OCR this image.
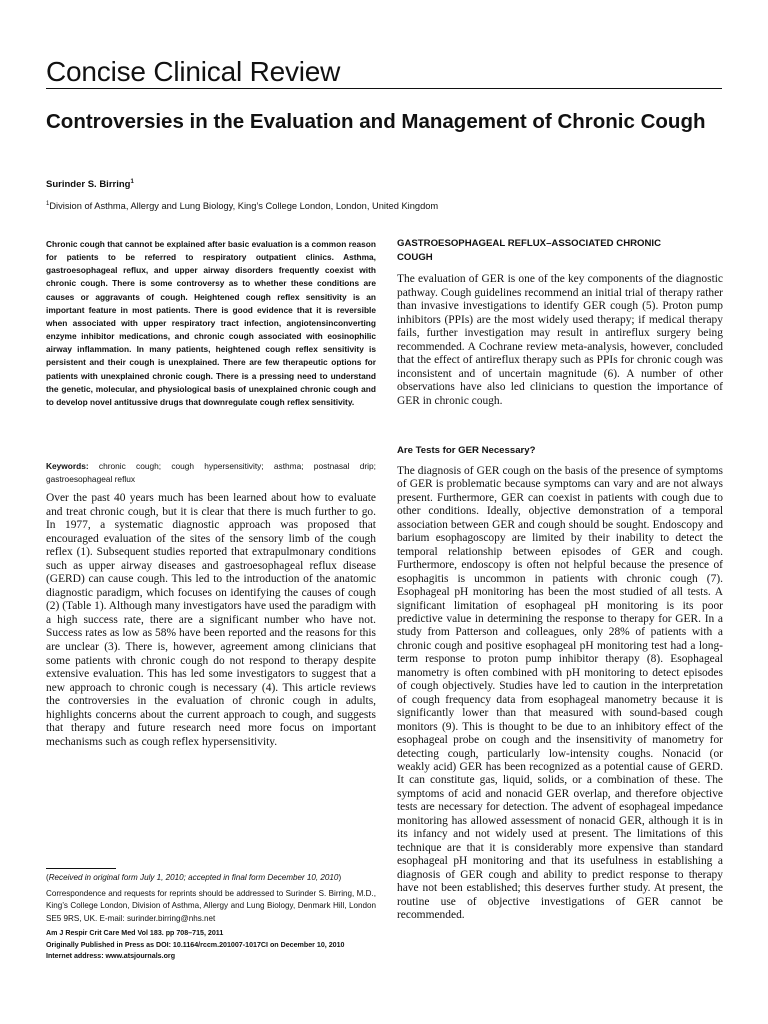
Concise Clinical Review
Controversies in the Evaluation and Management of Chronic Cough
Surinder S. Birring$^1$
$^1$Division of Asthma, Allergy and Lung Biology, King’s College London, London, United Kingdom

Chronic cough that cannot be explained after basic evaluation is a common reason for patients to be referred to respiratory outpatient clinics. Asthma, gastroesophageal reflux, and upper airway disorders frequently coexist with chronic cough. There is some controversy as to whether these conditions are causes or aggravants of cough. Heightened cough reflex sensitivity is an important feature in most patients. There is good evidence that it is reversible when associated with upper respiratory tract infection, angiotensinconverting enzyme inhibitor medications, and chronic cough associated with eosinophilic airway inflammation. In many patients, heightened cough reflex sensitivity is persistent and their cough is unexplained. There are few therapeutic options for patients with unexplained chronic cough. There is a pressing need to understand the genetic, molecular, and physiological basis of unexplained chronic cough and to develop novel antitussive drugs that downregulate cough reflex sensitivity.

Keywords: chronic cough; cough hypersensitivity; asthma; postnasal drip; gastroesophageal reflux

Over the past 40 years much has been learned about how to evaluate and treat chronic cough, but it is clear that there is much further to go. In 1977, a systematic diagnostic approach was proposed that encouraged evaluation of the sites of the sensory limb of the cough reflex (1). Subsequent studies reported that extrapulmonary conditions such as upper airway diseases and gastroesophageal reflux disease (GERD) can cause cough. This led to the introduction of the anatomic diagnostic paradigm, which focuses on identifying the causes of cough (2) (Table 1). Although many investigators have used the paradigm with a high success rate, there are a significant number who have not. Success rates as low as 58% have been reported and the reasons for this are unclear (3). There is, however, agreement among clinicians that some patients with chronic cough do not respond to therapy despite extensive evaluation. This has led some investigators to suggest that a new approach to chronic cough is necessary (4). This article reviews the controversies in the evaluation of chronic cough in adults, highlights concerns about the current approach to cough, and suggests that therapy and future research need more focus on important mechanisms such as cough reflex hypersensitivity.

(Received in original form July 1, 2010; accepted in final form December 10, 2010)

Correspondence and requests for reprints should be addressed to Surinder S. Birring, M.D., King’s College London, Division of Asthma, Allergy and Lung Biology, Denmark Hill, London SE5 9RS, UK. E-mail: surinder.birring@nhs.net

Am J Respir Crit Care Med Vol 183. pp 708–715, 2011
Originally Published in Press as DOI: 10.1164/rccm.201007-1017CI on December 10, 2010
Internet address: www.atsjournals.org

GASTROESOPHAGEAL REFLUX–ASSOCIATED CHRONIC COUGH

The evaluation of GER is one of the key components of the diagnostic pathway. Cough guidelines recommend an initial trial of therapy rather than invasive investigations to identify GER cough (5). Proton pump inhibitors (PPIs) are the most widely used therapy; if medical therapy fails, further investigation may result in antireflux surgery being recommended. A Cochrane review meta-analysis, however, concluded that the effect of antireflux therapy such as PPIs for chronic cough was inconsistent and of uncertain magnitude (6). A number of other observations have also led clinicians to question the importance of GER in chronic cough.

Are Tests for GER Necessary?

The diagnosis of GER cough on the basis of the presence of symptoms of GER is problematic because symptoms can vary and are not always present. Furthermore, GER can coexist in patients with cough due to other conditions. Ideally, objective demonstration of a temporal association between GER and cough should be sought. Endoscopy and barium esophagoscopy are limited by their inability to detect the temporal relationship between episodes of GER and cough. Furthermore, endoscopy is often not helpful because the presence of esophagitis is uncommon in patients with chronic cough (7). Esophageal pH monitoring has been the most studied of all tests. A significant limitation of esophageal pH monitoring is its poor predictive value in determining the response to therapy for GER. In a study from Patterson and colleagues, only 28% of patients with a chronic cough and positive esophageal pH monitoring test had a long-term response to proton pump inhibitor therapy (8). Esophageal manometry is often combined with pH monitoring to detect episodes of cough objectively. Studies have led to caution in the interpretation of cough frequency data from esophageal manometry because it is significantly lower than that measured with sound-based cough monitors (9). This is thought to be due to an inhibitory effect of the esophageal probe on cough and the insensitivity of manometry for detecting cough, particularly low-intensity coughs. Nonacid (or weakly acid) GER has been recognized as a potential cause of GERD. It can constitute gas, liquid, solids, or a combination of these. The symptoms of acid and nonacid GER overlap, and therefore objective tests are necessary for detection. The advent of esophageal impedance monitoring has allowed assessment of nonacid GER, although it is in its infancy and not widely used at present. The limitations of this technique are that it is considerably more expensive than standard esophageal pH monitoring and that its usefulness in establishing a diagnosis of GER cough and ability to predict response to therapy have not been established; this deserves further study. At present, the routine use of objective investigations of GER cannot be recommended.
